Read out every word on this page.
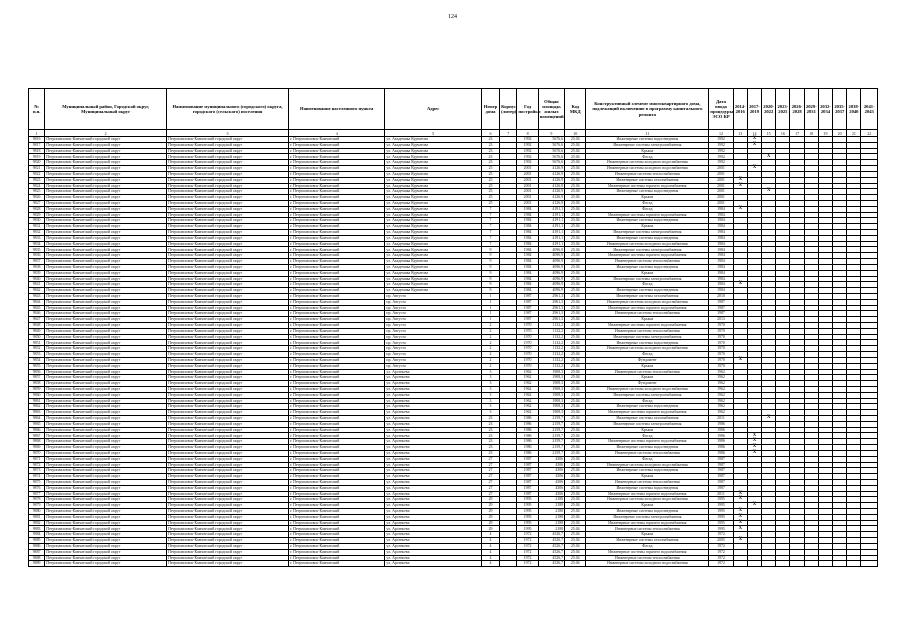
124
№ п.п.	Муниципальный район, Городской округ, Муниципальный округ	Наименование муниципального (городского) округа, городского (сельского) поселения	Наименование населенного пункта	Адрес	Номер дома	Корпус (литер)	Год постройки	Общая площадь жилых помещений	Код МКД	Конструктивный элемент многоквартирного дома, подлежащий включению в программу капитального ремонта	Дата ввода процедуры ЭСО КР	2014-2016	2017-2019	2020-2022	2023-2025	2026-2028	2029-2031	2032-2034	2035-2037	2038-2040	2041-2043
1	2	3	4	5	6	7	8	9	10	11	12	13	14	15	16	17	18	19	20	21	22
9816	Петропавловск-Камчатский городской округ	Петропавловск-Камчатский городской округ	г. Петропавловск-Камчатский	ул. Академика Курчатова	23		1992	5676,6	25.04	Инженерные системы водоотведения	1992		X								
9817	Петропавловск-Камчатский городской округ	Петропавловск-Камчатский городской округ	г. Петропавловск-Камчатский	ул. Академика Курчатова	23		1992	5676,6	25.04	Инженерные системы электроснабжения	1992		X								
9818	Петропавловск-Камчатский городской округ	Петропавловск-Камчатский городской округ	г. Петропавловск-Камчатский	ул. Академика Курчатова	23		1992	5676,6	25.04	Крыша	1992										
9819	Петропавловск-Камчатский городской округ	Петропавловск-Камчатский городской округ	г. Петропавловск-Камчатский	ул. Академика Курчатова	23		1992	5676,6	25.04	Фасад	1992			X							
9820	Петропавловск-Камчатский городской округ	Петропавловск-Камчатский городской округ	г. Петропавловск-Камчатский	ул. Академика Курчатова	23		1992	5676,6	25.04	Инженерные системы холодного водоснабжения	1992										
9821	Петропавловск-Камчатский городской округ	Петропавловск-Камчатский городской округ	г. Петропавловск-Камчатский	ул. Академика Курчатова	25		2001	4126,9	25.04	Инженерные системы холодного водоснабжения	2001		X								
9822	Петропавловск-Камчатский городской округ	Петропавловск-Камчатский городской округ	г. Петропавловск-Камчатский	ул. Академика Курчатова	25		2001	4126,9	25.04	Инженерные системы теплоснабжения	2001										
9823	Петропавловск-Камчатский городской округ	Петропавловск-Камчатский городской округ	г. Петропавловск-Камчатский	ул. Академика Курчатова	25		2001	4126,9	25.04	Инженерные системы газоснабжения	2001	X									
9824	Петропавловск-Камчатский городской округ	Петропавловск-Камчатский городской округ	г. Петропавловск-Камчатский	ул. Академика Курчатова	25		2001	4126,9	25.04	Инженерные системы горячего водоснабжения	2001	X									
9825	Петропавловск-Камчатский городской округ	Петропавловск-Камчатский городской округ	г. Петропавловск-Камчатский	ул. Академика Курчатова	25		2001	4126,9	25.04	Инженерные системы водоотведения	2001			X							
9826	Петропавловск-Камчатский городской округ	Петропавловск-Камчатский городской округ	г. Петропавловск-Камчатский	ул. Академика Курчатова	25		2001	4126,9	25.04	Крыша	2001										
9827	Петропавловск-Камчатский городской округ	Петропавловск-Камчатский городской округ	г. Петропавловск-Камчатский	ул. Академика Курчатова	25		2001	4126,9	25.04	Фасад	2001										
9828	Петропавловск-Камчатский городской округ	Петропавловск-Камчатский городской округ	г. Петропавловск-Камчатский	ул. Академика Курчатова	7		1984	4191,1	25.04	Фасад	1984	X									
9829	Петропавловск-Камчатский городской округ	Петропавловск-Камчатский городской округ	г. Петропавловск-Камчатский	ул. Академика Курчатова	7		1984	4191,1	25.04	Инженерные системы горячего водоснабжения	1984										
9830	Петропавловск-Камчатский городской округ	Петропавловск-Камчатский городской округ	г. Петропавловск-Камчатский	ул. Академика Курчатова	7		1984	4191,1	25.04	Инженерные системы водоотведения	1984										
9831	Петропавловск-Камчатский городской округ	Петропавловск-Камчатский городской округ	г. Петропавловск-Камчатский	ул. Академика Курчатова	7		1984	4191,1	25.04	Крыша	1984										
9832	Петропавловск-Камчатский городской округ	Петропавловск-Камчатский городской округ	г. Петропавловск-Камчатский	ул. Академика Курчатова	7		1984	4191,1	25.04	Инженерные системы электроснабжения	1984										
9833	Петропавловск-Камчатский городской округ	Петропавловск-Камчатский городской округ	г. Петропавловск-Камчатский	ул. Академика Курчатова	7		1984	4191,1	25.04	Инженерные системы водоотведения	1984										
9834	Петропавловск-Камчатский городской округ	Петропавловск-Камчатский городской округ	г. Петропавловск-Камчатский	ул. Академика Курчатова	7		1984	4191,1	25.04	Инженерные системы холодного водоснабжения	1984										
9835	Петропавловск-Камчатский городской округ	Петропавловск-Камчатский городской округ	г. Петропавловск-Камчатский	ул. Академика Курчатова	9		1984	4096,9	25.04	Инженерные системы электроснабжения	1984										
9836	Петропавловск-Камчатский городской округ	Петропавловск-Камчатский городской округ	г. Петропавловск-Камчатский	ул. Академика Курчатова	9		1984	4096,9	25.04	Инженерные системы горячего водоснабжения	1984										
9837	Петропавловск-Камчатский городской округ	Петропавловск-Камчатский городской округ	г. Петропавловск-Камчатский	ул. Академика Курчатова	9		1984	4096,9	25.04	Инженерные системы теплоснабжения	1984										
9838	Петропавловск-Камчатский городской округ	Петропавловск-Камчатский городской округ	г. Петропавловск-Камчатский	ул. Академика Курчатова	9		1984	4096,9	25.04	Инженерные системы водоотведения	1984										
9839	Петропавловск-Камчатский городской округ	Петропавловск-Камчатский городской округ	г. Петропавловск-Камчатский	ул. Академика Курчатова	9		1984	4096,9	25.04	Крыша	1984										
9840	Петропавловск-Камчатский городской округ	Петропавловск-Камчатский городской округ	г. Петропавловск-Камчатский	ул. Академика Курчатова	9		1984	4096,9	25.04	Инженерные системы электроснабжения	1984										
9841	Петропавловск-Камчатский городской округ	Петропавловск-Камчатский городской округ	г. Петропавловск-Камчатский	ул. Академика Курчатова	9		1984	4096,9	25.04	Фасад	1984	X									
9842	Петропавловск-Камчатский городской округ	Петропавловск-Камчатский городской округ	г. Петропавловск-Камчатский	ул. Академика Курчатова	9		1984	4096,9	25.04	Инженерные системы водоотведения	1984										
9843	Петропавловск-Камчатский городской округ	Петропавловск-Камчатский городской округ	г. Петропавловск-Камчатский	пр. Августа	1		1987	2961,3	25.04	Инженерные системы газоснабжения	2010										
9844	Петропавловск-Камчатский городской округ	Петропавловск-Камчатский городской округ	г. Петропавловск-Камчатский	пр. Августа	1		1987	2961,3	25.04	Инженерные системы холодного водоснабжения	1987										
9845	Петропавловск-Камчатский городской округ	Петропавловск-Камчатский городской округ	г. Петропавловск-Камчатский	пр. Августа	1		1987	2961,3	25.04	Инженерные системы горячего водоснабжения	1987										
9846	Петропавловск-Камчатский городской округ	Петропавловск-Камчатский городской округ	г. Петропавловск-Камчатский	пр. Августа	1		1987	2961,3	25.04	Инженерные системы теплоснабжения	1987										
9847	Петропавловск-Камчатский городской округ	Петропавловск-Камчатский городской округ	г. Петропавловск-Камчатский	пр. Августа	1		1987	2961,3	25.04	Крыша	2013										
9848	Петропавловск-Камчатский городской округ	Петропавловск-Камчатский городской округ	г. Петропавловск-Камчатский	пр. Августа	2		1970	1132,2	25.04	Инженерные системы горячего водоснабжения	1970										
9849	Петропавловск-Камчатский городской округ	Петропавловск-Камчатский городской округ	г. Петропавловск-Камчатский	пр. Августа	2		1970	1132,2	25.04	Инженерные системы теплоснабжения	1970										
9850	Петропавловск-Камчатский городской округ	Петропавловск-Камчатский городской округ	г. Петропавловск-Камчатский	пр. Августа	2		1970	1132,2	25.04	Инженерные системы электроснабжения	1970										
9851	Петропавловск-Камчатский городской округ	Петропавловск-Камчатский городской округ	г. Петропавловск-Камчатский	пр. Августа	2		1970	1132,2	25.04	Инженерные системы водоотведения	1970										
9852	Петропавловск-Камчатский городской округ	Петропавловск-Камчатский городской округ	г. Петропавловск-Камчатский	пр. Августа	2		1970	1132,2	25.04	Инженерные системы холодного водоснабжения	1970										
9853	Петропавловск-Камчатский городской округ	Петропавловск-Камчатский городской округ	г. Петропавловск-Камчатский	пр. Августа	2		1970	1132,2	25.04	Фасад	1970										
9854	Петропавловск-Камчатский городской округ	Петропавловск-Камчатский городской округ	г. Петропавловск-Камчатский	пр. Августа	2		1970	1132,2	25.04	Фундамент	1970	X									
9855	Петропавловск-Камчатский городской округ	Петропавловск-Камчатский городской округ	г. Петропавловск-Камчатский	пр. Августа	2		1970	1132,2	25.04	Крыша	1970										
9856	Петропавловск-Камчатский городской округ	Петропавловск-Камчатский городской округ	г. Петропавловск-Камчатский	ул. Арсеньева	3		1962	1908,3	25.04	Инженерные системы теплоснабжения	1962										
9857	Петропавловск-Камчатский городской округ	Петропавловск-Камчатский городской округ	г. Петропавловск-Камчатский	ул. Арсеньева	3		1962	1908,3	25.04	Крыша	1962										
9858	Петропавловск-Камчатский городской округ	Петропавловск-Камчатский городской округ	г. Петропавловск-Камчатский	ул. Арсеньева	3		1962	1908,3	25.04	Фундамент	1962										
9859	Петропавловск-Камчатский городской округ	Петропавловск-Камчатский городской округ	г. Петропавловск-Камчатский	ул. Арсеньева	3		1962	1908,3	25.04	Инженерные системы холодного водоснабжения	1962										
9860	Петропавловск-Камчатский городской округ	Петропавловск-Камчатский городской округ	г. Петропавловск-Камчатский	ул. Арсеньева	3		1962	1908,3	25.04	Инженерные системы электроснабжения	1962										
9861	Петропавловск-Камчатский городской округ	Петропавловск-Камчатский городской округ	г. Петропавловск-Камчатский	ул. Арсеньева	3		1962	1908,3	25.04	Фасад	1962										
9862	Петропавловск-Камчатский городской округ	Петропавловск-Камчатский городской округ	г. Петропавловск-Камчатский	ул. Арсеньева	3		1962	1908,3	25.04	Инженерные системы водоотведения	1962										
9863	Петропавловск-Камчатский городской округ	Петропавловск-Камчатский городской округ	г. Петропавловск-Камчатский	ул. Арсеньева	3		1962	1908,3	25.04	Инженерные системы горячего водоснабжения	1962										
9864	Петропавловск-Камчатский городской округ	Петропавловск-Камчатский городской округ	г. Петропавловск-Камчатский	ул. Арсеньева	23		1986	2159,7	25.04	Инженерные системы газоснабжения	2011			X							
9865	Петропавловск-Камчатский городской округ	Петропавловск-Камчатский городской округ	г. Петропавловск-Камчатский	ул. Арсеньева	23		1986	2159,7	25.04	Инженерные системы электроснабжения	1986										
9866	Петропавловск-Камчатский городской округ	Петропавловск-Камчатский городской округ	г. Петропавловск-Камчатский	ул. Арсеньева	23		1986	2159,7	25.04	Крыша	1986										
9867	Петропавловск-Камчатский городской округ	Петропавловск-Камчатский городской округ	г. Петропавловск-Камчатский	ул. Арсеньева	23		1986	2159,7	25.04	Фасад	1986		X								
9868	Петропавловск-Камчатский городской округ	Петропавловск-Камчатский городской округ	г. Петропавловск-Камчатский	ул. Арсеньева	23		1986	2159,7	25.04	Инженерные системы горячего водоснабжения	1986		X								
9869	Петропавловск-Камчатский городской округ	Петропавловск-Камчатский городской округ	г. Петропавловск-Камчатский	ул. Арсеньева	23		1986	2159,7	25.04	Инженерные системы водоотведения	1986		X								
9870	Петропавловск-Камчатский городской округ	Петропавловск-Камчатский городской округ	г. Петропавловск-Камчатский	ул. Арсеньева	23		1986	2159,7	25.04	Инженерные системы теплоснабжения	1986		X								
9871	Петропавловск-Камчатский городской округ	Петропавловск-Камчатский городской округ	г. Петропавловск-Камчатский	ул. Арсеньева	27		1987	4306	25.04	Фасад	1987										
9872	Петропавловск-Камчатский городской округ	Петропавловск-Камчатский городской округ	г. Петропавловск-Камчатский	ул. Арсеньева	27		1987	4306	25.04	Инженерные системы холодного водоснабжения	1987										
9873	Петропавловск-Камчатский городской округ	Петропавловск-Камчатский городской округ	г. Петропавловск-Камчатский	ул. Арсеньева	27		1987	4306	25.04	Инженерные системы водоотведения	1987										
9874	Петропавловск-Камчатский городской округ	Петропавловск-Камчатский городской округ	г. Петропавловск-Камчатский	ул. Арсеньева	27		1987	4306	25.04	Крыша	1987										
9875	Петропавловск-Камчатский городской округ	Петропавловск-Камчатский городской округ	г. Петропавловск-Камчатский	ул. Арсеньева	27		1987	4306	25.04	Инженерные системы теплоснабжения	1987										
9876	Петропавловск-Камчатский городской округ	Петропавловск-Камчатский городской округ	г. Петропавловск-Камчатский	ул. Арсеньева	27		1987	4306	25.04	Инженерные системы водоотведения	1987										
9877	Петропавловск-Камчатский городской округ	Петропавловск-Камчатский городской округ	г. Петропавловск-Камчатский	ул. Арсеньева	27		1987	4306	25.04	Инженерные системы горячего водоснабжения	2011	X									
9878	Петропавловск-Камчатский городской округ	Петропавловск-Камчатский городской округ	г. Петропавловск-Камчатский	ул. Арсеньева	29		1995	2188	25.04	Инженерные системы холодного водоснабжения	1995	X									
9879	Петропавловск-Камчатский городской округ	Петропавловск-Камчатский городской округ	г. Петропавловск-Камчатский	ул. Арсеньева	29		1995	2188	25.04	Крыша	1995		X								
9880	Петропавловск-Камчатский городской округ	Петропавловск-Камчатский городской округ	г. Петропавловск-Камчатский	ул. Арсеньева	29		1995	2188	25.04	Инженерные системы водоотведения	1995	X									
9881	Петропавловск-Камчатский городской округ	Петропавловск-Камчатский городской округ	г. Петропавловск-Камчатский	ул. Арсеньева	29		1995	2188	25.04	Инженерные системы электроснабжения	1995	X									
9882	Петропавловск-Камчатский городской округ	Петропавловск-Камчатский городской округ	г. Петропавловск-Камчатский	ул. Арсеньева	29		1995	2188	25.04	Инженерные системы горячего водоснабжения	1995	X									
9883	Петропавловск-Камчатский городской округ	Петропавловск-Камчатский городской округ	г. Петропавловск-Камчатский	ул. Арсеньева	29		1995	2188	25.04	Инженерные системы теплоснабжения	1995	X									
9884	Петропавловск-Камчатский городской округ	Петропавловск-Камчатский городской округ	г. Петропавловск-Камчатский	ул. Арсеньева	4		1972	4526,7	25.04	Крыша	1972										
9885	Петропавловск-Камчатский городской округ	Петропавловск-Камчатский городской округ	г. Петропавловск-Камчатский	ул. Арсеньева	4		1972	4526,7	25.04	Инженерные системы газоснабжения	2005	X									
9886	Петропавловск-Камчатский городской округ	Петропавловск-Камчатский городской округ	г. Петропавловск-Камчатский	ул. Арсеньева	4		1972	4526,7	25.04	Фасад	1972										
9887	Петропавловск-Камчатский городской округ	Петропавловск-Камчатский городской округ	г. Петропавловск-Камчатский	ул. Арсеньева	4		1972	4526,7	25.04	Инженерные системы горячего водоснабжения	1972										
9888	Петропавловск-Камчатский городской округ	Петропавловск-Камчатский городской округ	г. Петропавловск-Камчатский	ул. Арсеньева	4		1972	4526,7	25.04	Инженерные системы теплоснабжения	1972										
9889	Петропавловск-Камчатский городской округ	Петропавловск-Камчатский городской округ	г. Петропавловск-Камчатский	ул. Арсеньева	4		1972	4526,7	25.04	Инженерные системы холодного водоснабжения	1972										
